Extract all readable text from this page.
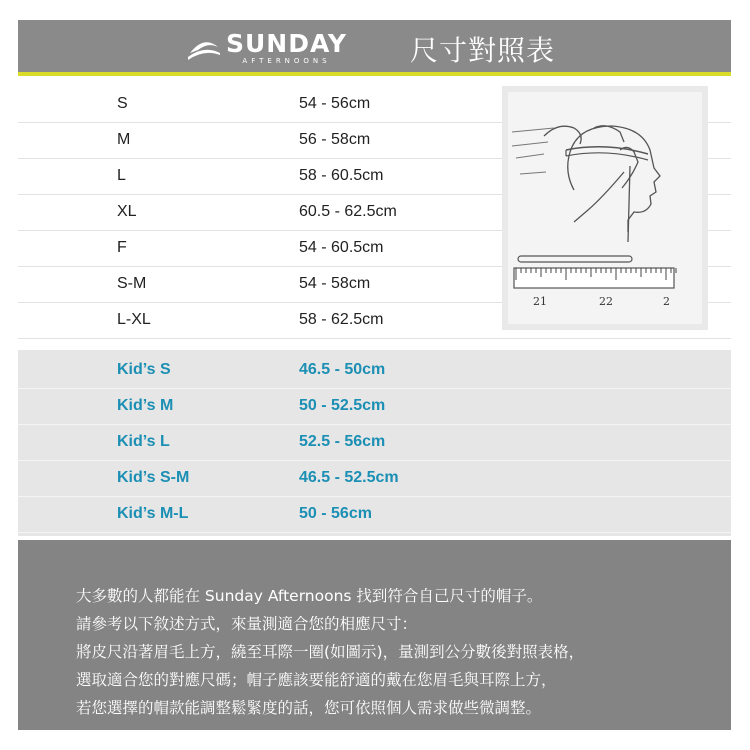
SUNDAY
AFTERNOONS	尺寸對照表
S	54 - 56cm
M	56 - 58cm
L	58 - 60.5cm
XL	60.5 - 62.5cm
F	54 - 60.5cm
S-M	54 - 58cm
L-XL	58 - 62.5cm
21	22	2
Kid’s S	46.5 - 50cm
Kid’s M	50 - 52.5cm
Kid’s L	52.5 - 56cm
Kid’s S-M	46.5 - 52.5cm
Kid’s M-L	50 - 56cm
大多數的人都能在 Sunday Afternoons 找到符合自己尺寸的帽子。
請參考以下敘述方式，來量測適合您的相應尺寸：
將皮尺沿著眉毛上方，繞至耳際一圈(如圖示)，量測到公分數後對照表格，
選取適合您的對應尺碼；帽子應該要能舒適的戴在您眉毛與耳際上方，
若您選擇的帽款能調整鬆緊度的話，您可依照個人需求做些微調整。
